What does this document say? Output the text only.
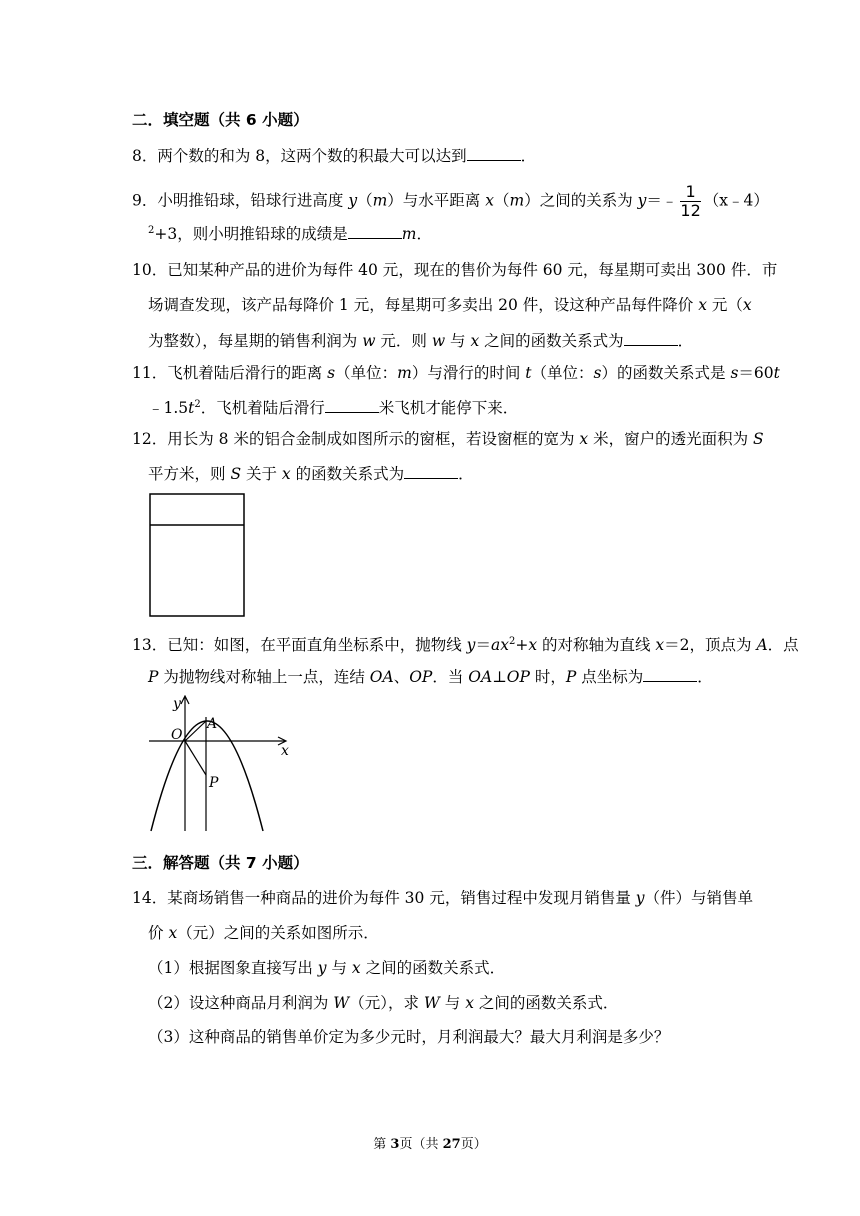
二．填空题（共 6 小题）
8．两个数的和为 8，这两个数的积最大可以达到	．
9．小明推铅球，铅球行进高度 y（m）与水平距离 x（m）之间的关系为 y＝﹣ $\frac{1}{12}$ （x﹣4）
$^2$+3，则小明推铅球的成绩是	m．
10．已知某种产品的进价为每件 40 元，现在的售价为每件 60 元，每星期可卖出 300 件．市
场调查发现，该产品每降价 1 元，每星期可多卖出 20 件，设这种产品每件降价 x 元（x
为整数），每星期的销售利润为 w 元．则 w 与 x 之间的函数关系式为	．
11．飞机着陆后滑行的距离 s（单位：m）与滑行的时间 t（单位：s）的函数关系式是 s＝60t
$﹣1.5t^2$．飞机着陆后滑行	米飞机才能停下来．
12．用长为 8 米的铝合金制成如图所示的窗框，若设窗框的宽为 x 米，窗户的透光面积为 S
平方米，则 S 关于 x 的函数关系式为	．
13．已知：如图，在平面直角坐标系中，抛物线 $y=ax^2+x$ 的对称轴为直线 x＝2，顶点为 A．点
P 为抛物线对称轴上一点，连结 OA、OP．当 OA⊥OP 时，P 点坐标为	．
y
x
O
A
P
三．解答题（共 7 小题）
14．某商场销售一种商品的进价为每件 30 元，销售过程中发现月销售量 y（件）与销售单
价 x（元）之间的关系如图所示．
（1）根据图象直接写出 y 与 x 之间的函数关系式．
（2）设这种商品月利润为 W（元），求 W 与 x 之间的函数关系式．
（3）这种商品的销售单价定为多少元时，月利润最大？最大月利润是多少？
第 3页（共 27页）
